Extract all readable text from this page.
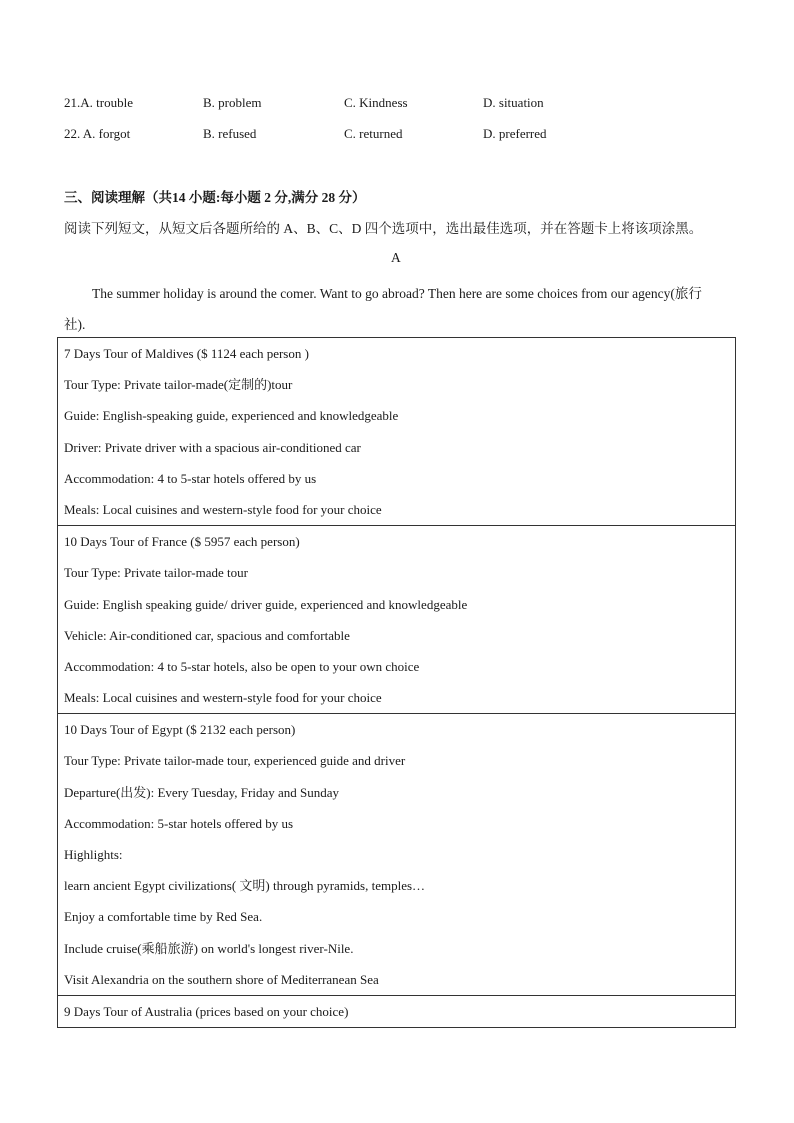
21.A. trouble	B. problem	C. Kindness	D. situation
22. A. forgot	B. refused	C. returned	D. preferred
三、阅读理解（共14 小题:每小题 2 分,满分 28 分）
阅读下列短文，从短文后各题所给的 A、B、C、D 四个选项中，选出最佳选项，并在答题卡上将该项涂黑。
A
The summer holiday is around the comer. Want to go abroad? Then here are some choices from our agency(旅行
社).
7 Days Tour of Maldives ($ 1124 each person )
Tour Type: Private tailor-made(定制的)tour
Guide: English-speaking guide, experienced and knowledgeable
Driver: Private driver with a spacious air-conditioned car
Accommodation: 4 to 5-star hotels offered by us
Meals: Local cuisines and western-style food for your choice
10 Days Tour of France ($ 5957 each person)
Tour Type: Private tailor-made tour
Guide: English speaking guide/ driver guide, experienced and knowledgeable
Vehicle: Air-conditioned car, spacious and comfortable
Accommodation: 4 to 5-star hotels, also be open to your own choice
Meals: Local cuisines and western-style food for your choice
10 Days Tour of Egypt ($ 2132 each person)
Tour Type: Private tailor-made tour, experienced guide and driver
Departure(出发): Every Tuesday, Friday and Sunday
Accommodation: 5-star hotels offered by us
Highlights:
learn ancient Egypt civilizations( 文明) through pyramids, temples…
Enjoy a comfortable time by Red Sea.
Include cruise(乘船旅游) on world's longest river-Nile.
Visit Alexandria on the southern shore of Mediterranean Sea
9 Days Tour of Australia (prices based on your choice)
